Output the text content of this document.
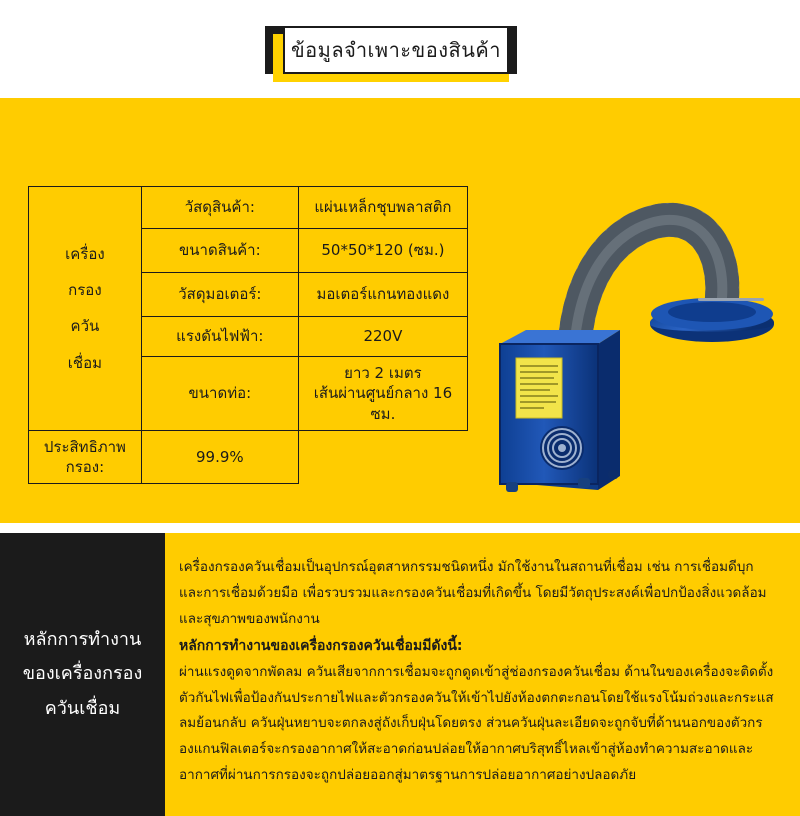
ข้อมูลจำเพาะของสินค้า
เครื่อง
กรอง
ควัน
เชื่อม	วัสดุสินค้า:	แผ่นเหล็กชุบพลาสติก
	ขนาดสินค้า:	50*50*120 (ซม.)
	วัสดุมอเตอร์:	มอเตอร์แกนทองแดง
	แรงดันไฟฟ้า:	220V
	ขนาดท่อ:	ยาว 2 เมตร
เส้นผ่านศูนย์กลาง 16 ซม.

ประสิทธิภาพกรอง:	99.9%	
หลักการทำงาน
ของเครื่องกรอง
ควันเชื่อม

เครื่องกรองควันเชื่อมเป็นอุปกรณ์อุตสาหกรรมชนิดหนึ่ง มักใช้งานในสถานที่เชื่อม เช่น การเชื่อมดีบุกและการเชื่อมด้วยมือ เพื่อรวบรวมและกรองควันเชื่อมที่เกิดขึ้น โดยมีวัตถุประสงค์เพื่อปกป้องสิ่งแวดล้อมและสุขภาพของพนักงาน

หลักการทำงานของเครื่องกรองควันเชื่อมมีดังนี้:

ผ่านแรงดูดจากพัดลม ควันเสียจากการเชื่อมจะถูกดูดเข้าสู่ช่องกรองควันเชื่อม ด้านในของเครื่องจะติดตั้งตัวกันไฟเพื่อป้องกันประกายไฟและตัวกรองควันให้เข้าไปยังห้องตกตะกอนโดยใช้แรงโน้มถ่วงและกระแสลมย้อนกลับ ควันฝุ่นหยาบจะตกลงสู่ถังเก็บฝุ่นโดยตรง ส่วนควันฝุ่นละเอียดจะถูกจับที่ด้านนอกของตัวกรองแกนฟิลเตอร์จะกรองอากาศให้สะอาดก่อนปล่อยให้อากาศบริสุทธิ์ไหลเข้าสู่ห้องทำความสะอาดและอากาศที่ผ่านการกรองจะถูกปล่อยออกสู่มาตรฐานการปล่อยอากาศอย่างปลอดภัย
